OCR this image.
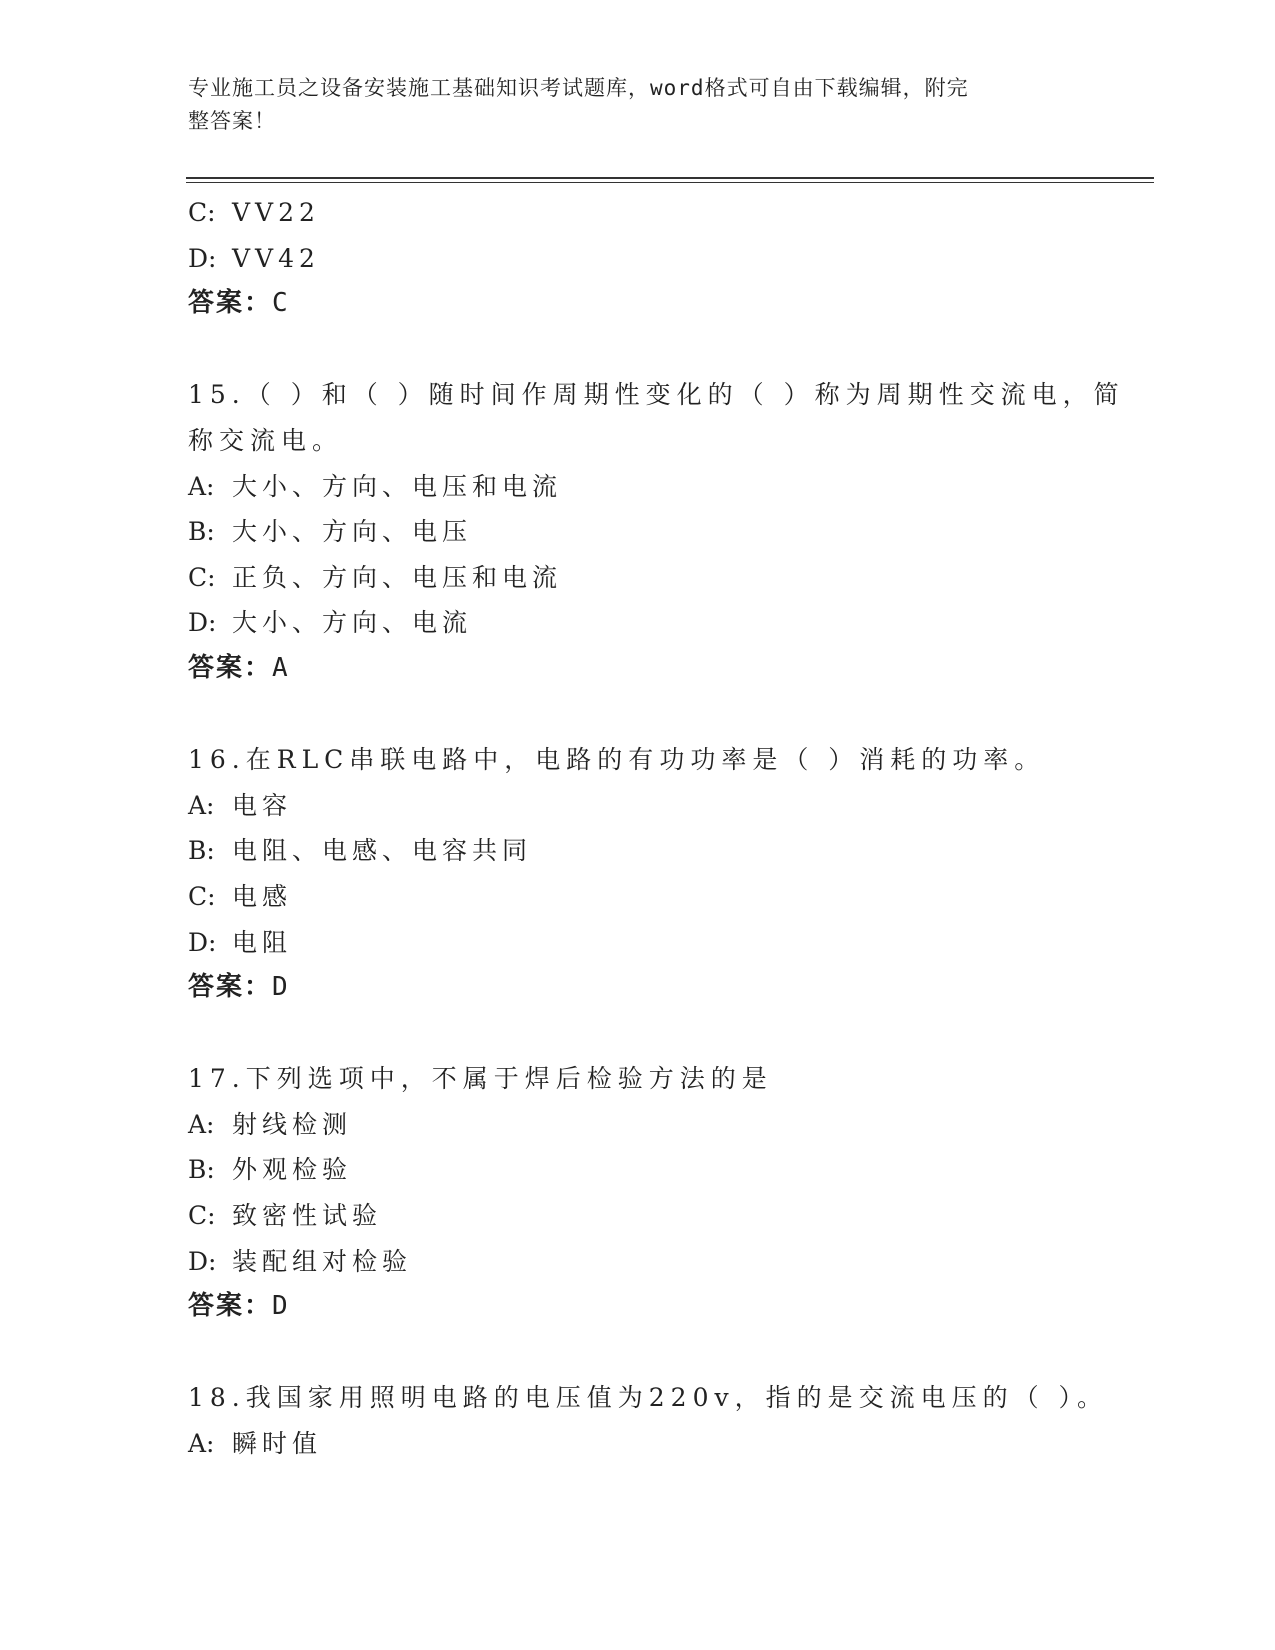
专业施工员之设备安装施工基础知识考试题库，word格式可自由下载编辑，附完
整答案！
C: VV22
D: VV42
答案：C
15.（ ）和（ ）随时间作周期性变化的（ ）称为周期性交流电，简
称交流电。
A: 大小、方向、电压和电流
B: 大小、方向、电压
C: 正负、方向、电压和电流
D: 大小、方向、电流
答案：A
16.在RLC串联电路中，电路的有功功率是（ ）消耗的功率。
A: 电容
B: 电阻、电感、电容共同
C: 电感
D: 电阻
答案：D
17.下列选项中，不属于焊后检验方法的是
A: 射线检测
B: 外观检验
C: 致密性试验
D: 装配组对检验
答案：D
18.我国家用照明电路的电压值为220v，指的是交流电压的（ ）。
A: 瞬时值
